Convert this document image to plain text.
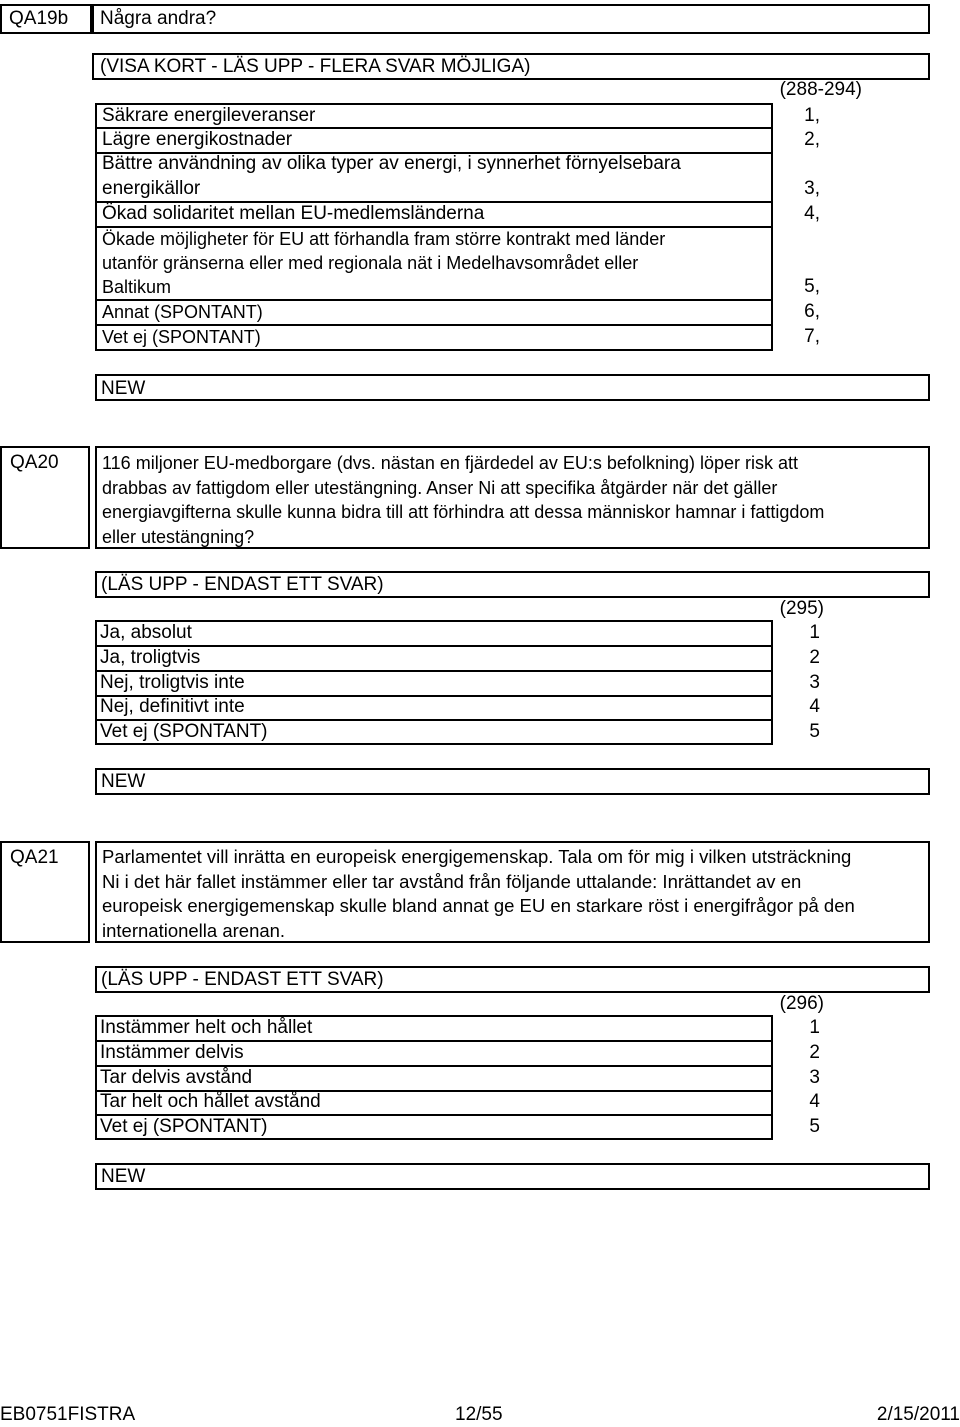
QA19b Några andra?
(VISA KORT - LÄS UPP - FLERA SVAR MÖJLIGA)
(288-294)
Säkrare energileveranser	1,
Lägre energikostnader	2,
Bättre användning av olika typer av energi, i synnerhet förnyelsebara
energikällor	3,
Ökad solidaritet mellan EU-medlemsländerna	4,
Ökade möjligheter för EU att förhandla fram större kontrakt med länder
utanför gränserna eller med regionala nät i Medelhavsområdet eller
Baltikum	5,
Annat (SPONTANT)	6,
Vet ej (SPONTANT)	7,
NEW
QA20 116 miljoner EU-medborgare (dvs. nästan en fjärdedel av EU:s befolkning) löper risk att
drabbas av fattigdom eller utestängning. Anser Ni att specifika åtgärder när det gäller
energiavgifterna skulle kunna bidra till att förhindra att dessa människor hamnar i fattigdom
eller utestängning?
(LÄS UPP - ENDAST ETT SVAR)
(295)
Ja, absolut	1
Ja, troligtvis	2
Nej, troligtvis inte	3
Nej, definitivt inte	4
Vet ej (SPONTANT)	5
NEW
QA21 Parlamentet vill inrätta en europeisk energigemenskap. Tala om för mig i vilken utsträckning
Ni i det här fallet instämmer eller tar avstånd från följande uttalande: Inrättandet av en
europeisk energigemenskap skulle bland annat ge EU en starkare röst i energifrågor på den
internationella arenan.
(LÄS UPP - ENDAST ETT SVAR)
(296)
Instämmer helt och hållet	1
Instämmer delvis	2
Tar delvis avstånd	3
Tar helt och hållet avstånd	4
Vet ej (SPONTANT)	5
NEW
EB0751FISTRA	12/55	2/15/2011
